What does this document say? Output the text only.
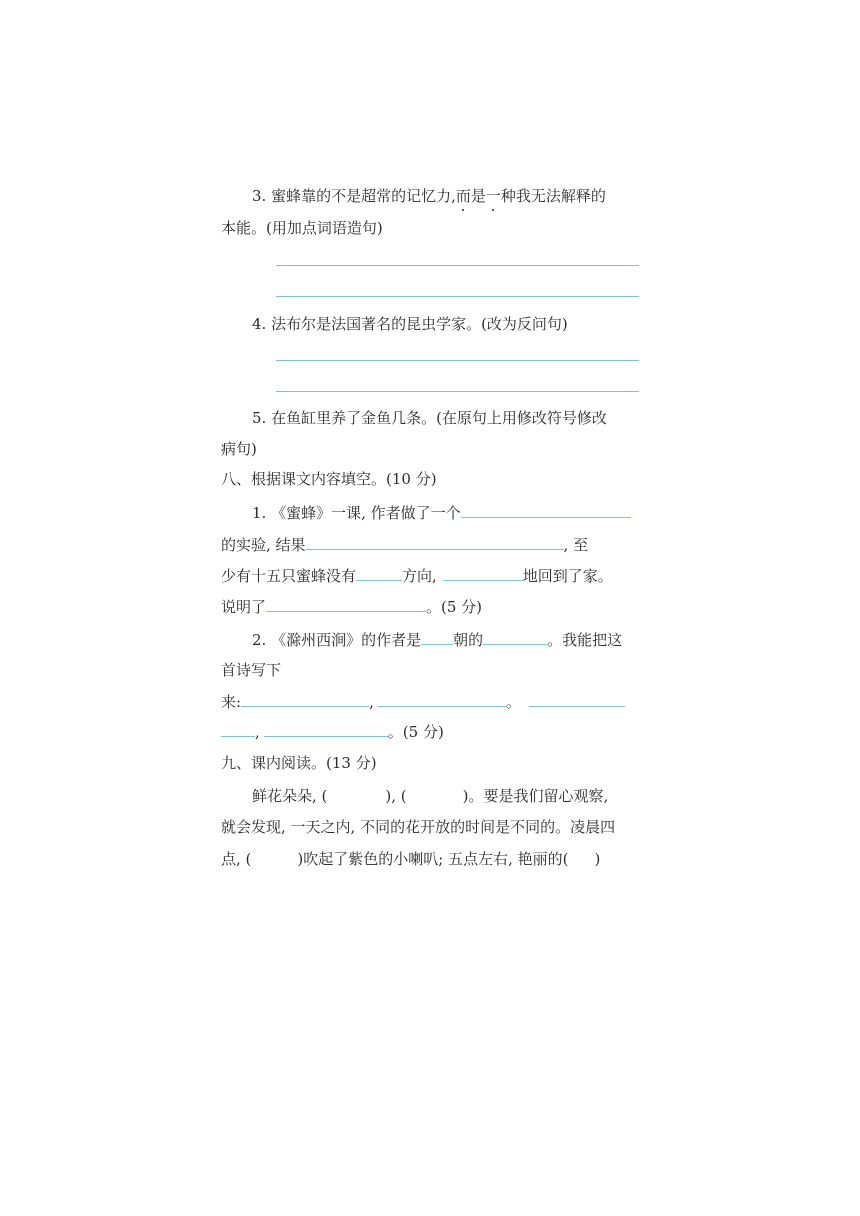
3. 蜜蜂靠的不是超常的记忆力,而是一种我无法解释的
本能。(用加点词语造句)
4. 法布尔是法国著名的昆虫学家。(改为反问句)
5. 在鱼缸里养了金鱼几条。(在原句上用修改符号修改
病句)
八、根据课文内容填空。(10 分)
1. 《蜜蜂》一课, 作者做了一个
的实验, 结果	, 至
少有十五只蜜蜂没有	方向,	地回到了家。
说明了	。(5 分)
2. 《滁州西涧》的作者是 朝的	。我能把这
首诗写下
来:	,	。
,	。(5 分)
九、课内阅读。(13 分)
鲜花朵朵, (	), (	)。要是我们留心观察,
就会发现, 一天之内, 不同的花开放的时间是不同的。凌晨四
点, (	)吹起了紫色的小喇叭; 五点左右, 艳丽的( )
